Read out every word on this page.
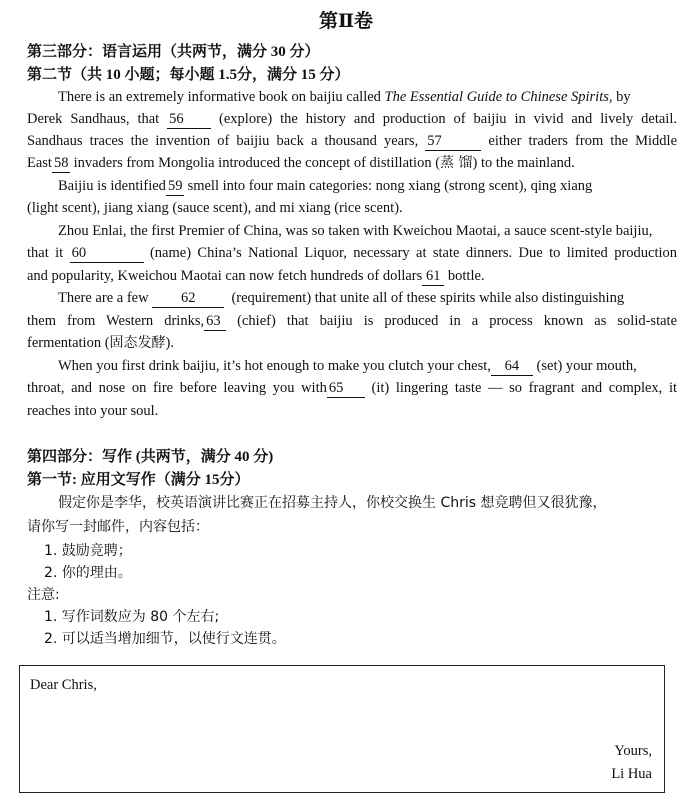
第Ⅱ卷
第三部分：语言运用（共两节，满分 30 分）
第二节（共 10 小题；每小题 1.5分，满分 15 分）
There is an extremely informative book on baijiu called The Essential Guide to Chinese Spirits, by
Derek Sandhaus, that 56 (explore) the history and production of baijiu in vivid and lively detail.
Sandhaus traces the invention of baijiu back a thousand years, 57	either traders from the Middle
East 58 invaders from Mongolia introduced the concept of distillation (蒸 馏) to the mainland.
Baijiu is identified 59 smell into four main categories: nong xiang (strong scent), qing xiang
(light scent), jiang xiang (sauce scent), and mi xiang (rice scent).
Zhou Enlai, the first Premier of China, was so taken with Kweichou Maotai, a sauce scent-style baijiu,
that it 60	(name) China’s National Liquor, necessary at state dinners. Due to limited production
and popularity, Kweichou Maotai can now fetch hundreds of dollars 61 bottle.
There are a few 62 (requirement) that unite all of these spirits while also distinguishing
them from Western drinks, 63 (chief) that baijiu is produced in a process known as solid-state
fermentation (固态发酵).
When you first drink baijiu, it’s hot enough to make you clutch your chest, 64 (set) your mouth,
throat, and nose on fire before leaving you with 65 (it) lingering taste — so fragrant and complex, it
reaches into your soul.
第四部分：写作 (共两节，满分 40 分)
第一节: 应用文写作（满分 15分）
假定你是李华，校英语演讲比赛正在招募主持人，你校交换生 Chris 想竞聘但又很犹豫，
请你写一封邮件，内容包括：
1. 鼓励竞聘；
2. 你的理由。
注意:
1. 写作词数应为 80 个左右;
2. 可以适当增加细节，以使行文连贯。
Dear Chris,
Yours,
Li Hua
